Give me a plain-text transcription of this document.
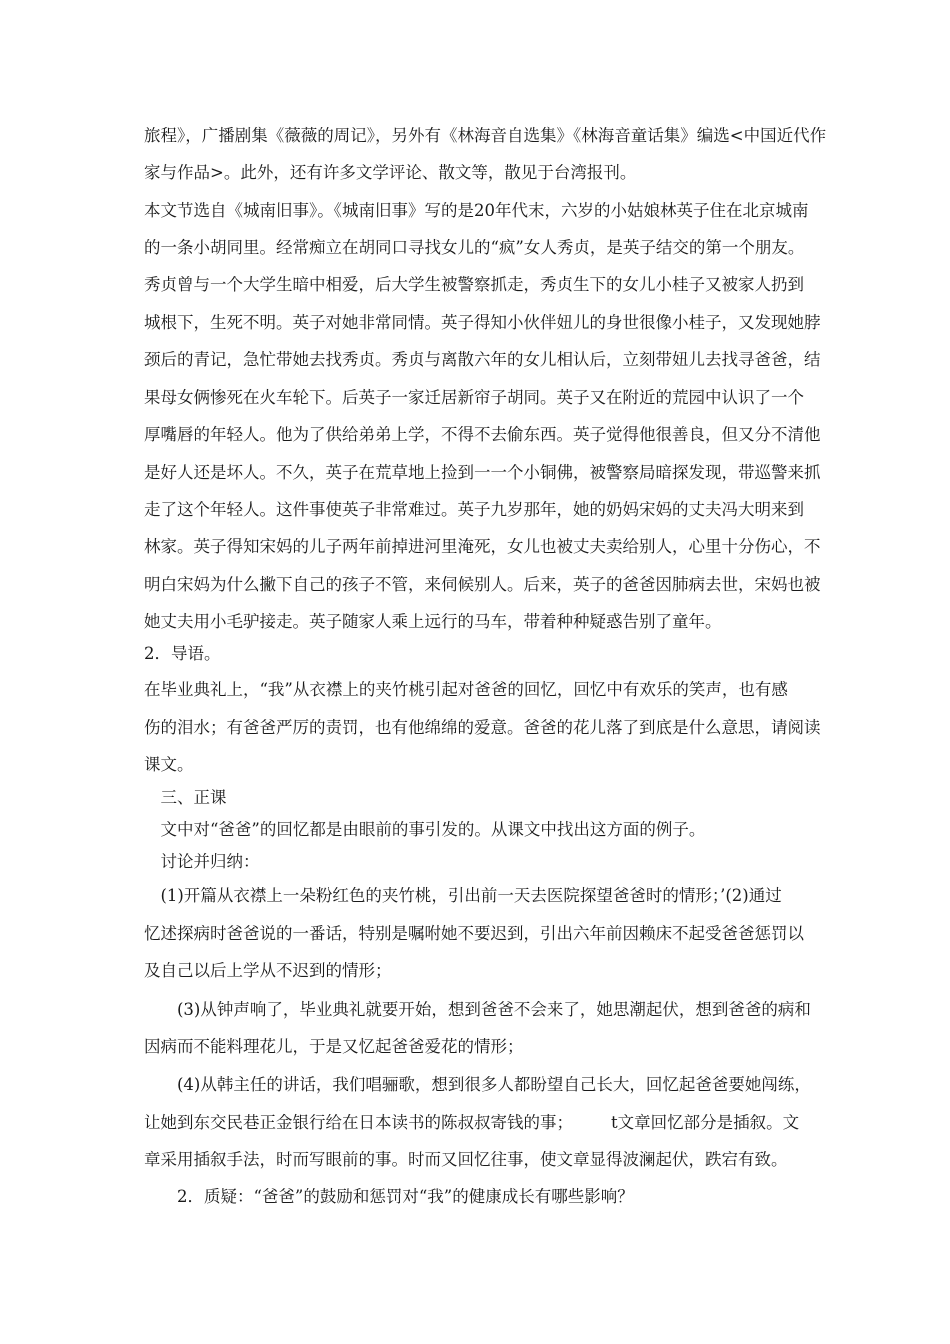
旅程》，广播剧集《薇薇的周记》，另外有《林海音自选集》《林海音童话集》编选<中国近代作
家与作品>。此外，还有许多文学评论、散文等，散见于台湾报刊。
本文节选自《城南旧事》。《城南旧事》写的是20年代末，六岁的小姑娘林英子住在北京城南
的一条小胡同里。经常痴立在胡同口寻找女儿的“疯”女人秀贞，是英子结交的第一个朋友。
秀贞曾与一个大学生暗中相爱，后大学生被警察抓走，秀贞生下的女儿小桂子又被家人扔到
城根下，生死不明。英子对她非常同情。英子得知小伙伴妞儿的身世很像小桂子，又发现她脖
颈后的青记，急忙带她去找秀贞。秀贞与离散六年的女儿相认后，立刻带妞儿去找寻爸爸，结
果母女俩惨死在火车轮下。后英子一家迁居新帘子胡同。英子又在附近的荒园中认识了一个
厚嘴唇的年轻人。他为了供给弟弟上学，不得不去偷东西。英子觉得他很善良，但又分不清他
是好人还是坏人。不久，英子在荒草地上捡到一一个小铜佛，被警察局暗探发现，带巡警来抓
走了这个年轻人。这件事使英子非常难过。英子九岁那年，她的奶妈宋妈的丈夫冯大明来到
林家。英子得知宋妈的儿子两年前掉进河里淹死，女儿也被丈夫卖给别人，心里十分伤心，不
明白宋妈为什么撇下自己的孩子不管，来伺候别人。后来，英子的爸爸因肺病去世，宋妈也被
她丈夫用小毛驴接走。英子随家人乘上远行的马车，带着种种疑惑告别了童年。
2．导语。
在毕业典礼上，“我”从衣襟上的夹竹桃引起对爸爸的回忆，回忆中有欢乐的笑声，也有感
伤的泪水；有爸爸严厉的责罚，也有他绵绵的爱意。爸爸的花儿落了到底是什么意思，请阅读
课文。
　三、正课
　文中对“爸爸”的回忆都是由眼前的事引发的。从课文中找出这方面的例子。
　讨论并归纳：
　(1)开篇从衣襟上一朵粉红色的夹竹桃，引出前一天去医院探望爸爸时的情形；’(2)通过
忆述探病时爸爸说的一番话，特别是嘱咐她不要迟到，引出六年前因赖床不起受爸爸惩罚以
及自己以后上学从不迟到的情形；
　　(3)从钟声响了，毕业典礼就要开始，想到爸爸不会来了，她思潮起伏，想到爸爸的病和
因病而不能料理花儿，于是又忆起爸爸爱花的情形；
　　(4)从韩主任的讲话，我们唱骊歌，想到很多人都盼望自己长大，回忆起爸爸要她闯练，
让她到东交民巷正金银行给在日本读书的陈叔叔寄钱的事； t文章回忆部分是插叙。文
章采用插叙手法，时而写眼前的事。时而又回忆往事，使文章显得波澜起伏，跌宕有致。
　　2．质疑：“爸爸”的鼓励和惩罚对“我”的健康成长有哪些影响？
